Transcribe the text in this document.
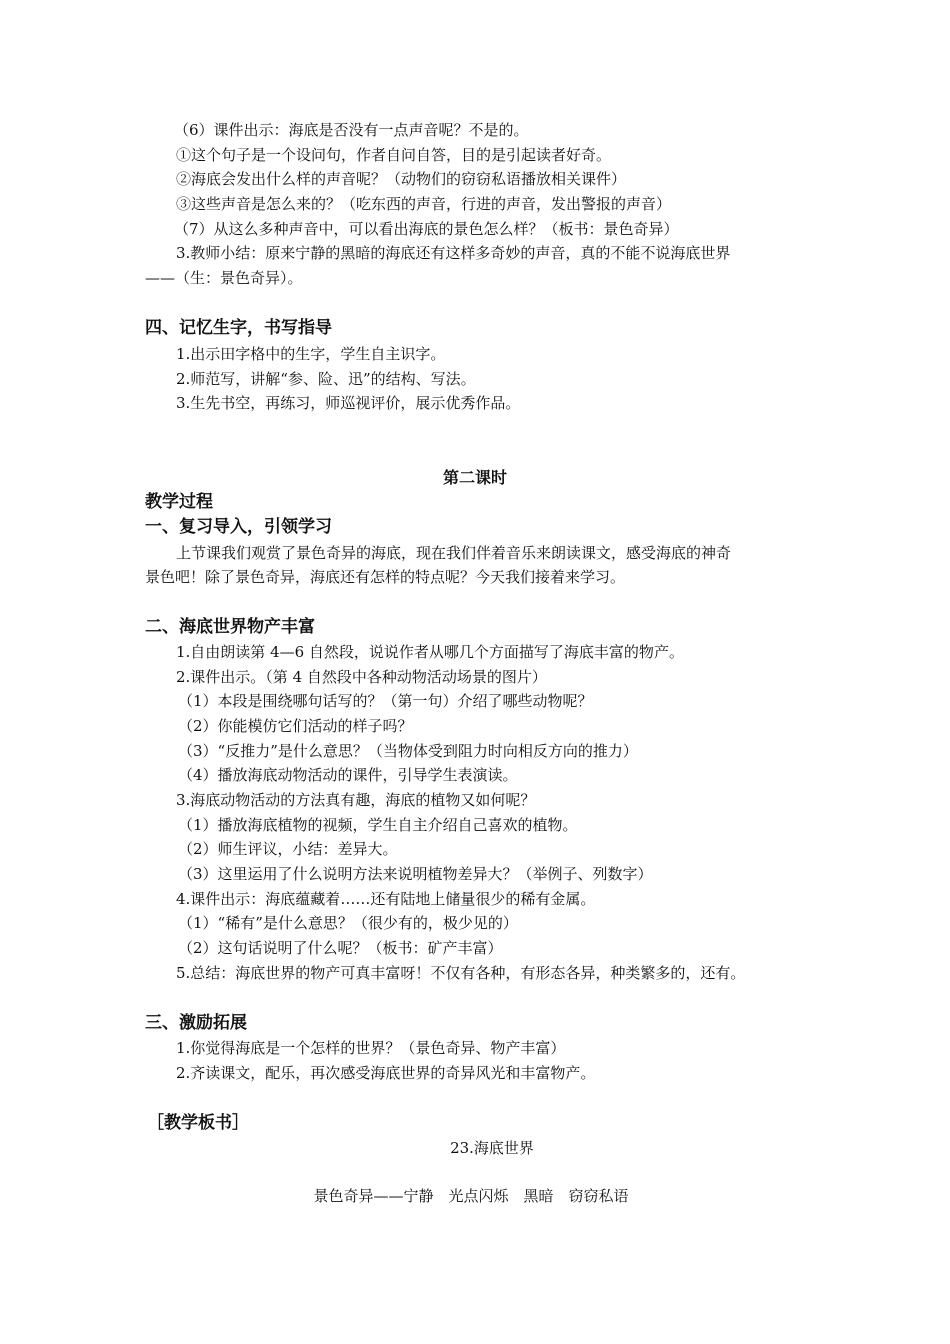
（6）课件出示：海底是否没有一点声音呢？不是的。
①这个句子是一个设问句，作者自问自答，目的是引起读者好奇。
②海底会发出什么样的声音呢？（动物们的窃窃私语播放相关课件）
③这些声音是怎么来的？（吃东西的声音，行进的声音，发出警报的声音）
（7）从这么多种声音中，可以看出海底的景色怎么样？（板书：景色奇异）
3.教师小结：原来宁静的黑暗的海底还有这样多奇妙的声音，真的不能不说海底世界
——（生：景色奇异）。
四、记忆生字，书写指导
1.出示田字格中的生字，学生自主识字。
2.师范写，讲解“参、险、迅”的结构、写法。
3.生先书空，再练习，师巡视评价，展示优秀作品。
第二课时
教学过程
一、复习导入，引领学习
上节课我们观赏了景色奇异的海底，现在我们伴着音乐来朗读课文，感受海底的神奇
景色吧！除了景色奇异，海底还有怎样的特点呢？今天我们接着来学习。
二、海底世界物产丰富
1.自由朗读第 4—6 自然段，说说作者从哪几个方面描写了海底丰富的物产。
2.课件出示。（第 4 自然段中各种动物活动场景的图片）
（1）本段是围绕哪句话写的？（第一句）介绍了哪些动物呢？
（2）你能模仿它们活动的样子吗？
（3）“反推力”是什么意思？（当物体受到阻力时向相反方向的推力）
（4）播放海底动物活动的课件，引导学生表演读。
3.海底动物活动的方法真有趣，海底的植物又如何呢？
（1）播放海底植物的视频，学生自主介绍自己喜欢的植物。
（2）师生评议，小结：差异大。
（3）这里运用了什么说明方法来说明植物差异大？（举例子、列数字）
4.课件出示：海底蕴藏着……还有陆地上储量很少的稀有金属。
（1）“稀有”是什么意思？（很少有的，极少见的）
（2）这句话说明了什么呢？（板书：矿产丰富）
5.总结：海底世界的物产可真丰富呀！不仅有各种，有形态各异，种类繁多的，还有。
三、激励拓展
1.你觉得海底是一个怎样的世界？（景色奇异、物产丰富）
2.齐读课文，配乐，再次感受海底世界的奇异风光和丰富物产。
［教学板书］
23.海底世界
景色奇异——宁静　光点闪烁　黑暗　窃窃私语
